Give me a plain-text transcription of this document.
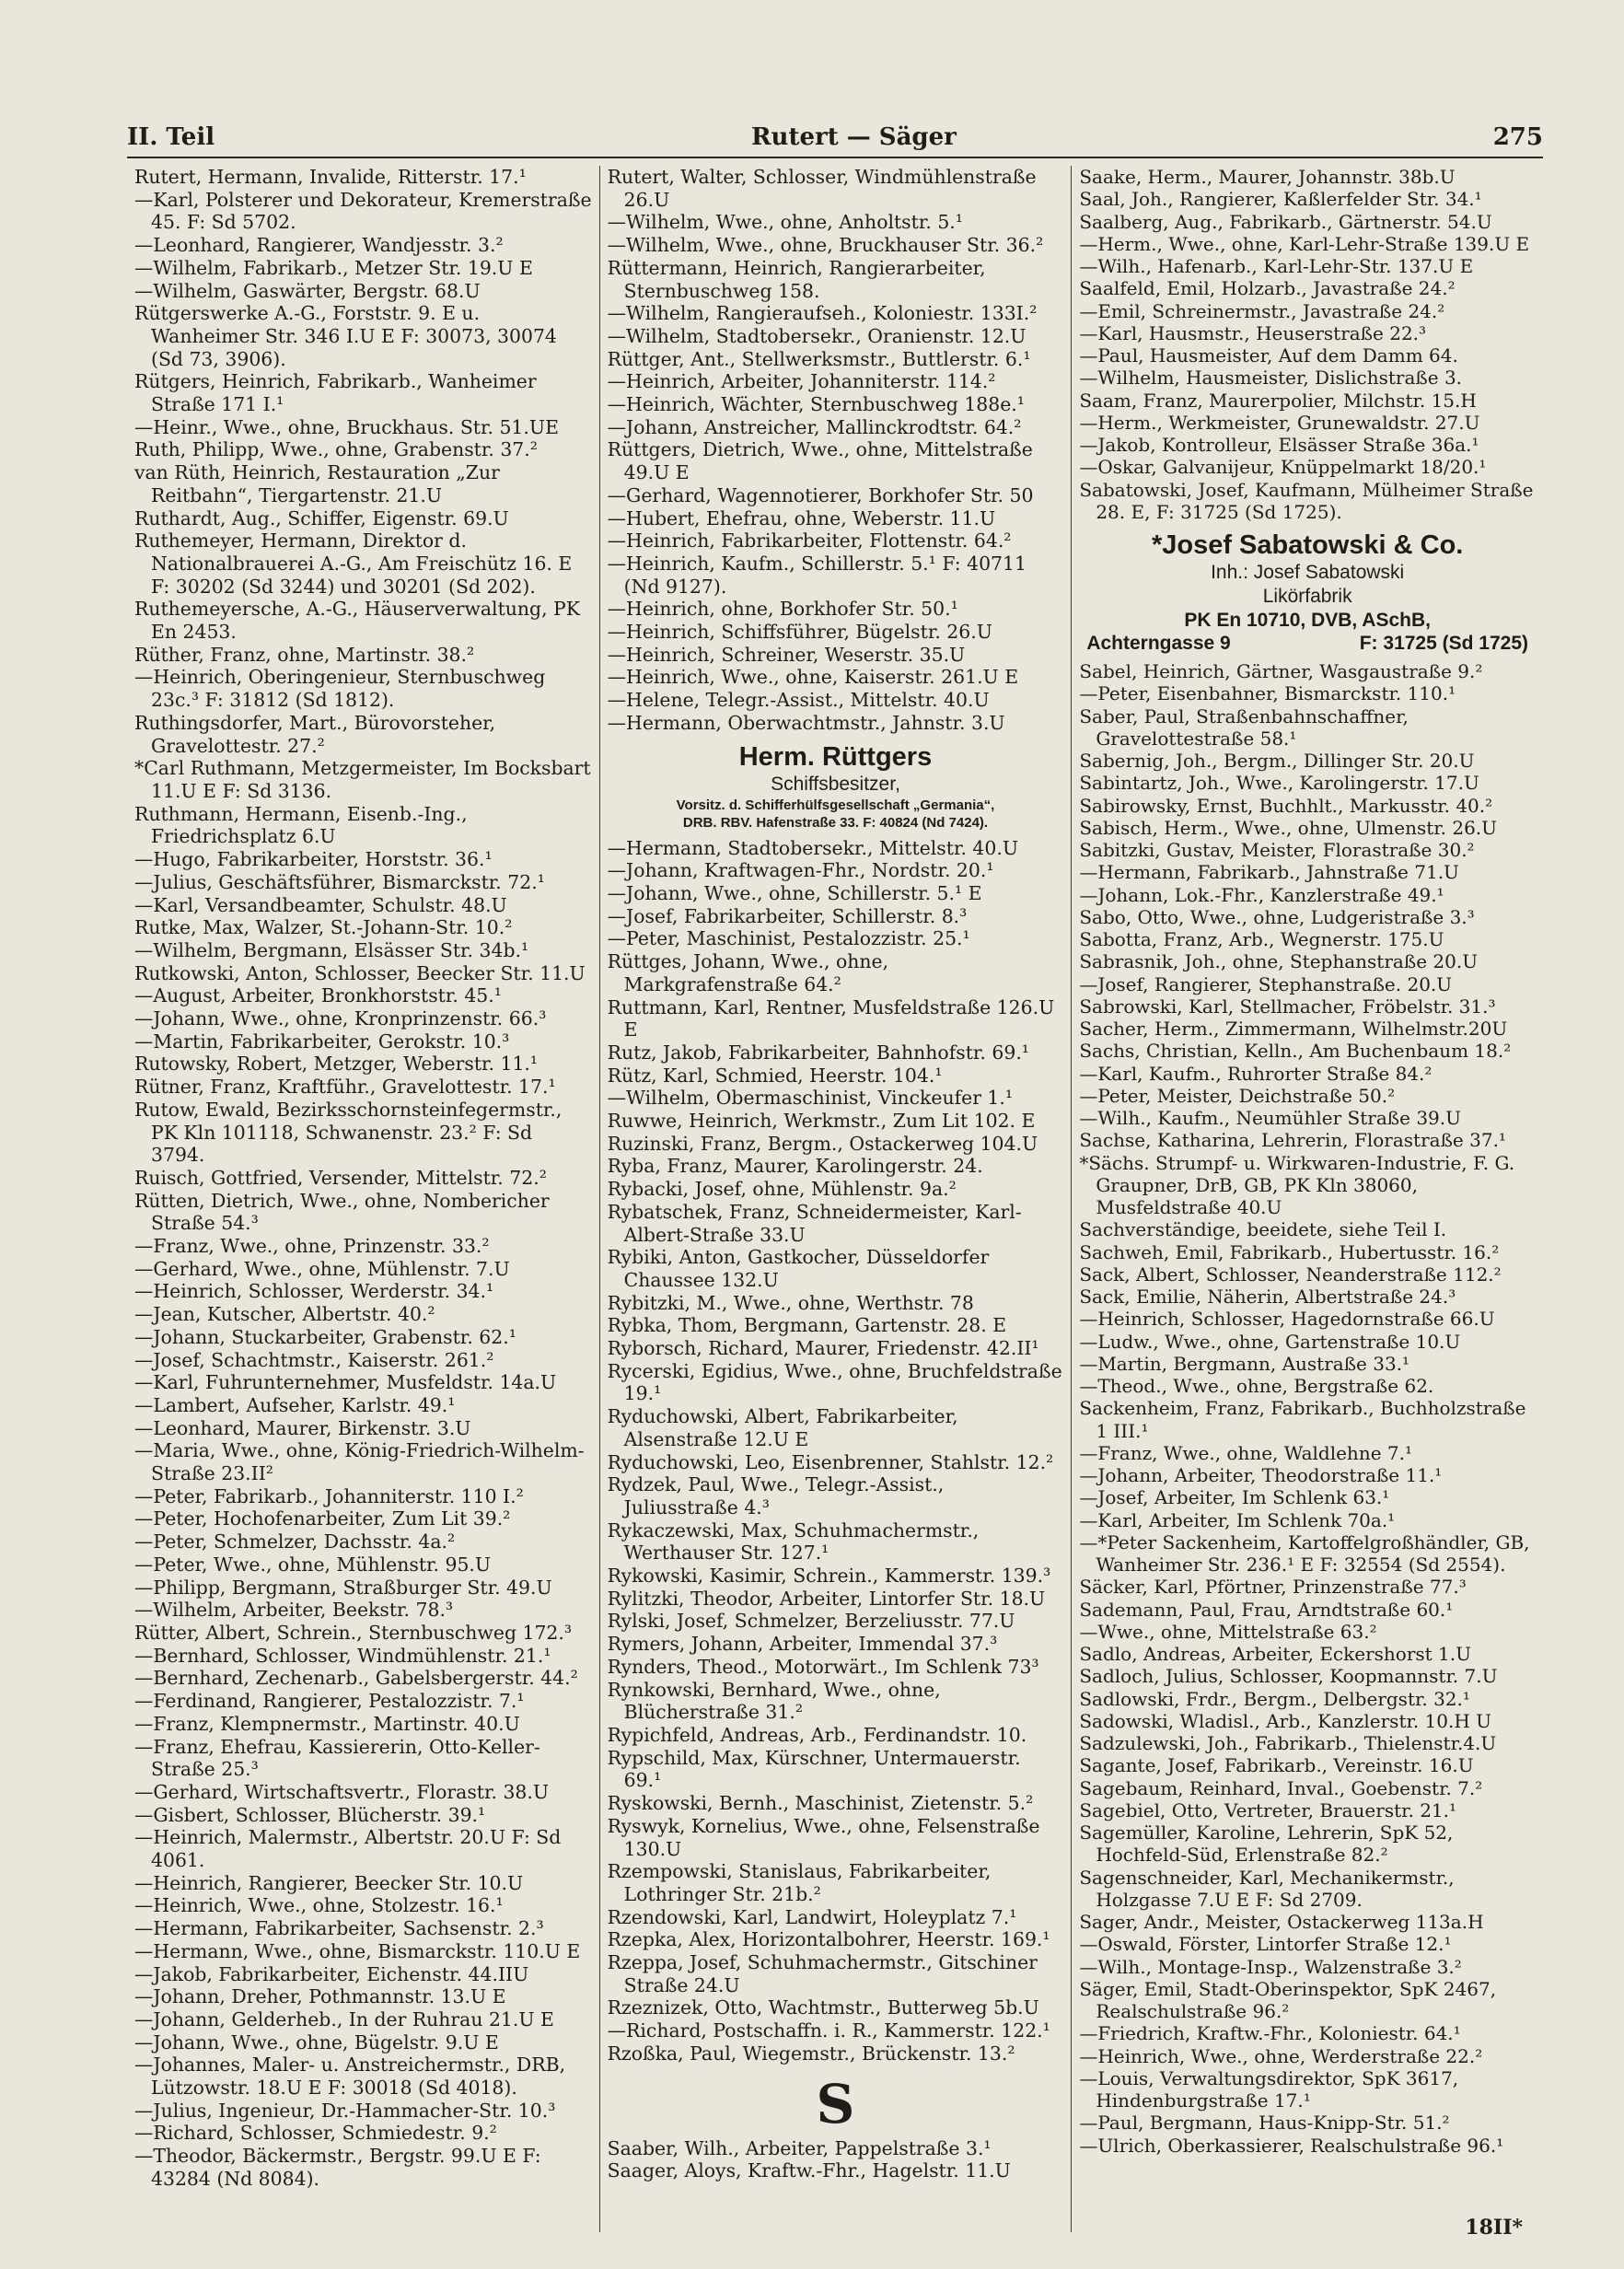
II. Teil	Rutert — Säger	275

Rutert, Hermann, Invalide, Ritterstr. 17.¹

—Karl, Polsterer und Dekorateur, Kremerstraße 45. F: Sd 5702.

—Leonhard, Rangierer, Wandjesstr. 3.²

—Wilhelm, Fabrikarb., Metzer Str. 19.U E

—Wilhelm, Gaswärter, Bergstr. 68.U

Rütgerswerke A.-G., Forststr. 9. E u. Wanheimer Str. 346 I.U E F: 30073, 30074 (Sd 73, 3906).

Rütgers, Heinrich, Fabrikarb., Wanheimer Straße 171 I.¹

—Heinr., Wwe., ohne, Bruckhaus. Str. 51.UE

Ruth, Philipp, Wwe., ohne, Grabenstr. 37.²

van Rüth, Heinrich, Restauration „Zur Reitbahn“, Tiergartenstr. 21.U

Ruthardt, Aug., Schiffer, Eigenstr. 69.U

Ruthemeyer, Hermann, Direktor d. Nationalbrauerei A.-G., Am Freischütz 16. E F: 30202 (Sd 3244) und 30201 (Sd 202).

Ruthemeyersche, A.-G., Häuserverwaltung, PK En 2453.

Rüther, Franz, ohne, Martinstr. 38.²

—Heinrich, Oberingenieur, Sternbuschweg 23c.³ F: 31812 (Sd 1812).

Ruthingsdorfer, Mart., Bürovorsteher, Gravelottestr. 27.²

*Carl Ruthmann, Metzgermeister, Im Bocksbart 11.U E F: Sd 3136.

Ruthmann, Hermann, Eisenb.-Ing., Friedrichsplatz 6.U

—Hugo, Fabrikarbeiter, Horststr. 36.¹

—Julius, Geschäftsführer, Bismarckstr. 72.¹

—Karl, Versandbeamter, Schulstr. 48.U

Rutke, Max, Walzer, St.-Johann-Str. 10.²

—Wilhelm, Bergmann, Elsässer Str. 34b.¹

Rutkowski, Anton, Schlosser, Beecker Str. 11.U

—August, Arbeiter, Bronkhorststr. 45.¹

—Johann, Wwe., ohne, Kronprinzenstr. 66.³

—Martin, Fabrikarbeiter, Gerokstr. 10.³

Rutowsky, Robert, Metzger, Weberstr. 11.¹

Rütner, Franz, Kraftführ., Gravelottestr. 17.¹

Rutow, Ewald, Bezirksschornsteinfegermstr., PK Kln 101118, Schwanenstr. 23.² F: Sd 3794.

Ruisch, Gottfried, Versender, Mittelstr. 72.²

Rütten, Dietrich, Wwe., ohne, Nombericher Straße 54.³

—Franz, Wwe., ohne, Prinzenstr. 33.²

—Gerhard, Wwe., ohne, Mühlenstr. 7.U

—Heinrich, Schlosser, Werderstr. 34.¹

—Jean, Kutscher, Albertstr. 40.²

—Johann, Stuckarbeiter, Grabenstr. 62.¹

—Josef, Schachtmstr., Kaiserstr. 261.²

—Karl, Fuhrunternehmer, Musfeldstr. 14a.U

—Lambert, Aufseher, Karlstr. 49.¹

—Leonhard, Maurer, Birkenstr. 3.U

—Maria, Wwe., ohne, König-Friedrich-Wilhelm-Straße 23.II²

—Peter, Fabrikarb., Johanniterstr. 110 I.²

—Peter, Hochofenarbeiter, Zum Lit 39.²

—Peter, Schmelzer, Dachsstr. 4a.²

—Peter, Wwe., ohne, Mühlenstr. 95.U

—Philipp, Bergmann, Straßburger Str. 49.U

—Wilhelm, Arbeiter, Beekstr. 78.³

Rütter, Albert, Schrein., Sternbuschweg 172.³

—Bernhard, Schlosser, Windmühlenstr. 21.¹

—Bernhard, Zechenarb., Gabelsbergerstr. 44.²

—Ferdinand, Rangierer, Pestalozzistr. 7.¹

—Franz, Klempnermstr., Martinstr. 40.U

—Franz, Ehefrau, Kassiererin, Otto-Keller-Straße 25.³

—Gerhard, Wirtschaftsvertr., Florastr. 38.U

—Gisbert, Schlosser, Blücherstr. 39.¹

—Heinrich, Malermstr., Albertstr. 20.U F: Sd 4061.

—Heinrich, Rangierer, Beecker Str. 10.U

—Heinrich, Wwe., ohne, Stolzestr. 16.¹

—Hermann, Fabrikarbeiter, Sachsenstr. 2.³

—Hermann, Wwe., ohne, Bismarckstr. 110.U E

—Jakob, Fabrikarbeiter, Eichenstr. 44.IIU

—Johann, Dreher, Pothmannstr. 13.U E

—Johann, Gelderheb., In der Ruhrau 21.U E

—Johann, Wwe., ohne, Bügelstr. 9.U E

—Johannes, Maler- u. Anstreichermstr., DRB, Lützowstr. 18.U E F: 30018 (Sd 4018).

—Julius, Ingenieur, Dr.-Hammacher-Str. 10.³

—Richard, Schlosser, Schmiedestr. 9.²

—Theodor, Bäckermstr., Bergstr. 99.U E F: 43284 (Nd 8084).

Rutert, Walter, Schlosser, Windmühlenstraße 26.U

—Wilhelm, Wwe., ohne, Anholtstr. 5.¹

—Wilhelm, Wwe., ohne, Bruckhauser Str. 36.²

Rüttermann, Heinrich, Rangierarbeiter, Sternbuschweg 158.

—Wilhelm, Rangieraufseh., Koloniestr. 133I.²

—Wilhelm, Stadtobersekr., Oranienstr. 12.U

Rüttger, Ant., Stellwerksmstr., Buttlerstr. 6.¹

—Heinrich, Arbeiter, Johanniterstr. 114.²

—Heinrich, Wächter, Sternbuschweg 188e.¹

—Johann, Anstreicher, Mallinckrodtstr. 64.²

Rüttgers, Dietrich, Wwe., ohne, Mittelstraße 49.U E

—Gerhard, Wagennotierer, Borkhofer Str. 50

—Hubert, Ehefrau, ohne, Weberstr. 11.U

—Heinrich, Fabrikarbeiter, Flottenstr. 64.²

—Heinrich, Kaufm., Schillerstr. 5.¹ F: 40711 (Nd 9127).

—Heinrich, ohne, Borkhofer Str. 50.¹

—Heinrich, Schiffsführer, Bügelstr. 26.U

—Heinrich, Schreiner, Weserstr. 35.U

—Heinrich, Wwe., ohne, Kaiserstr. 261.U E

—Helene, Telegr.-Assist., Mittelstr. 40.U

—Hermann, Oberwachtmstr., Jahnstr. 3.U

Herm. Rüttgers
Schiffsbesitzer,
Vorsitz. d. Schifferhülfsgesellschaft „Germania“,
DRB. RBV. Hafenstraße 33. F: 40824 (Nd 7424).

—Hermann, Stadtobersekr., Mittelstr. 40.U

—Johann, Kraftwagen-Fhr., Nordstr. 20.¹

—Johann, Wwe., ohne, Schillerstr. 5.¹ E

—Josef, Fabrikarbeiter, Schillerstr. 8.³

—Peter, Maschinist, Pestalozzistr. 25.¹

Rüttges, Johann, Wwe., ohne, Markgrafenstraße 64.²

Ruttmann, Karl, Rentner, Musfeldstraße 126.U E

Rutz, Jakob, Fabrikarbeiter, Bahnhofstr. 69.¹

Rütz, Karl, Schmied, Heerstr. 104.¹

—Wilhelm, Obermaschinist, Vinckeufer 1.¹

Ruwwe, Heinrich, Werkmstr., Zum Lit 102. E

Ruzinski, Franz, Bergm., Ostackerweg 104.U

Ryba, Franz, Maurer, Karolingerstr. 24.

Rybacki, Josef, ohne, Mühlenstr. 9a.²

Rybatschek, Franz, Schneidermeister, Karl-Albert-Straße 33.U

Rybiki, Anton, Gastkocher, Düsseldorfer Chaussee 132.U

Rybitzki, M., Wwe., ohne, Werthstr. 78

Rybka, Thom, Bergmann, Gartenstr. 28. E

Ryborsch, Richard, Maurer, Friedenstr. 42.II¹

Rycerski, Egidius, Wwe., ohne, Bruchfeldstraße 19.¹

Ryduchowski, Albert, Fabrikarbeiter, Alsenstraße 12.U E

Ryduchowski, Leo, Eisenbrenner, Stahlstr. 12.²

Rydzek, Paul, Wwe., Telegr.-Assist., Juliusstraße 4.³

Rykaczewski, Max, Schuhmachermstr., Werthauser Str. 127.¹

Rykowski, Kasimir, Schrein., Kammerstr. 139.³

Rylitzki, Theodor, Arbeiter, Lintorfer Str. 18.U

Rylski, Josef, Schmelzer, Berzeliusstr. 77.U

Rymers, Johann, Arbeiter, Immendal 37.³

Rynders, Theod., Motorwärt., Im Schlenk 73³

Rynkowski, Bernhard, Wwe., ohne, Blücherstraße 31.²

Rypichfeld, Andreas, Arb., Ferdinandstr. 10.

Rypschild, Max, Kürschner, Untermauerstr. 69.¹

Ryskowski, Bernh., Maschinist, Zietenstr. 5.²

Ryswyk, Kornelius, Wwe., ohne, Felsenstraße 130.U

Rzempowski, Stanislaus, Fabrikarbeiter, Lothringer Str. 21b.²

Rzendowski, Karl, Landwirt, Holeyplatz 7.¹

Rzepka, Alex, Horizontalbohrer, Heerstr. 169.¹

Rzeppa, Josef, Schuhmachermstr., Gitschiner Straße 24.U

Rzeznizek, Otto, Wachtmstr., Butterweg 5b.U

—Richard, Postschaffn. i. R., Kammerstr. 122.¹

Rzoßka, Paul, Wiegemstr., Brückenstr. 13.²

S

Saaber, Wilh., Arbeiter, Pappelstraße 3.¹

Saager, Aloys, Kraftw.-Fhr., Hagelstr. 11.U

Saake, Herm., Maurer, Johannstr. 38b.U

Saal, Joh., Rangierer, Kaßlerfelder Str. 34.¹

Saalberg, Aug., Fabrikarb., Gärtnerstr. 54.U

—Herm., Wwe., ohne, Karl-Lehr-Straße 139.U E

—Wilh., Hafenarb., Karl-Lehr-Str. 137.U E

Saalfeld, Emil, Holzarb., Javastraße 24.²

—Emil, Schreinermstr., Javastraße 24.²

—Karl, Hausmstr., Heuserstraße 22.³

—Paul, Hausmeister, Auf dem Damm 64.

—Wilhelm, Hausmeister, Dislichstraße 3.

Saam, Franz, Maurerpolier, Milchstr. 15.H

—Herm., Werkmeister, Grunewaldstr. 27.U

—Jakob, Kontrolleur, Elsässer Straße 36a.¹

—Oskar, Galvanijeur, Knüppelmarkt 18/20.¹

Sabatowski, Josef, Kaufmann, Mülheimer Straße 28. E, F: 31725 (Sd 1725).

*Josef Sabatowski & Co.
Inh.: Josef Sabatowski
Likörfabrik
PK En 10710, DVB, ASchB,
Achterngasse 9	F: 31725 (Sd 1725)

Sabel, Heinrich, Gärtner, Wasgaustraße 9.²

—Peter, Eisenbahner, Bismarckstr. 110.¹

Saber, Paul, Straßenbahnschaffner, Gravelottestraße 58.¹

Sabernig, Joh., Bergm., Dillinger Str. 20.U

Sabintartz, Joh., Wwe., Karolingerstr. 17.U

Sabirowsky, Ernst, Buchhlt., Markusstr. 40.²

Sabisch, Herm., Wwe., ohne, Ulmenstr. 26.U

Sabitzki, Gustav, Meister, Florastraße 30.²

—Hermann, Fabrikarb., Jahnstraße 71.U

—Johann, Lok.-Fhr., Kanzlerstraße 49.¹

Sabo, Otto, Wwe., ohne, Ludgeristraße 3.³

Sabotta, Franz, Arb., Wegnerstr. 175.U

Sabrasnik, Joh., ohne, Stephanstraße 20.U

—Josef, Rangierer, Stephanstraße. 20.U

Sabrowski, Karl, Stellmacher, Fröbelstr. 31.³

Sacher, Herm., Zimmermann, Wilhelmstr.20U

Sachs, Christian, Kelln., Am Buchenbaum 18.²

—Karl, Kaufm., Ruhrorter Straße 84.²

—Peter, Meister, Deichstraße 50.²

—Wilh., Kaufm., Neumühler Straße 39.U

Sachse, Katharina, Lehrerin, Florastraße 37.¹

*Sächs. Strumpf- u. Wirkwaren-Industrie, F. G. Graupner, DrB, GB, PK Kln 38060, Musfeldstraße 40.U

Sachverständige, beeidete, siehe Teil I.

Sachweh, Emil, Fabrikarb., Hubertusstr. 16.²

Sack, Albert, Schlosser, Neanderstraße 112.²

Sack, Emilie, Näherin, Albertstraße 24.³

—Heinrich, Schlosser, Hagedornstraße 66.U

—Ludw., Wwe., ohne, Gartenstraße 10.U

—Martin, Bergmann, Austraße 33.¹

—Theod., Wwe., ohne, Bergstraße 62.

Sackenheim, Franz, Fabrikarb., Buchholzstraße 1 III.¹

—Franz, Wwe., ohne, Waldlehne 7.¹

—Johann, Arbeiter, Theodorstraße 11.¹

—Josef, Arbeiter, Im Schlenk 63.¹

—Karl, Arbeiter, Im Schlenk 70a.¹

—*Peter Sackenheim, Kartoffelgroßhändler, GB, Wanheimer Str. 236.¹ E F: 32554 (Sd 2554).

Säcker, Karl, Pförtner, Prinzenstraße 77.³

Sademann, Paul, Frau, Arndtstraße 60.¹

—Wwe., ohne, Mittelstraße 63.²

Sadlo, Andreas, Arbeiter, Eckershorst 1.U

Sadloch, Julius, Schlosser, Koopmannstr. 7.U

Sadlowski, Frdr., Bergm., Delbergstr. 32.¹

Sadowski, Wladisl., Arb., Kanzlerstr. 10.H U

Sadzulewski, Joh., Fabrikarb., Thielenstr.4.U

Sagante, Josef, Fabrikarb., Vereinstr. 16.U

Sagebaum, Reinhard, Inval., Goebenstr. 7.²

Sagebiel, Otto, Vertreter, Brauerstr. 21.¹

Sagemüller, Karoline, Lehrerin, SpK 52, Hochfeld-Süd, Erlenstraße 82.²

Sagenschneider, Karl, Mechanikermstr., Holzgasse 7.U E F: Sd 2709.

Sager, Andr., Meister, Ostackerweg 113a.H

—Oswald, Förster, Lintorfer Straße 12.¹

—Wilh., Montage-Insp., Walzenstraße 3.²

Säger, Emil, Stadt-Oberinspektor, SpK 2467, Realschulstraße 96.²

—Friedrich, Kraftw.-Fhr., Koloniestr. 64.¹

—Heinrich, Wwe., ohne, Werderstraße 22.²

—Louis, Verwaltungsdirektor, SpK 3617, Hindenburgstraße 17.¹

—Paul, Bergmann, Haus-Knipp-Str. 51.²

—Ulrich, Oberkassierer, Realschulstraße 96.¹

18II*
